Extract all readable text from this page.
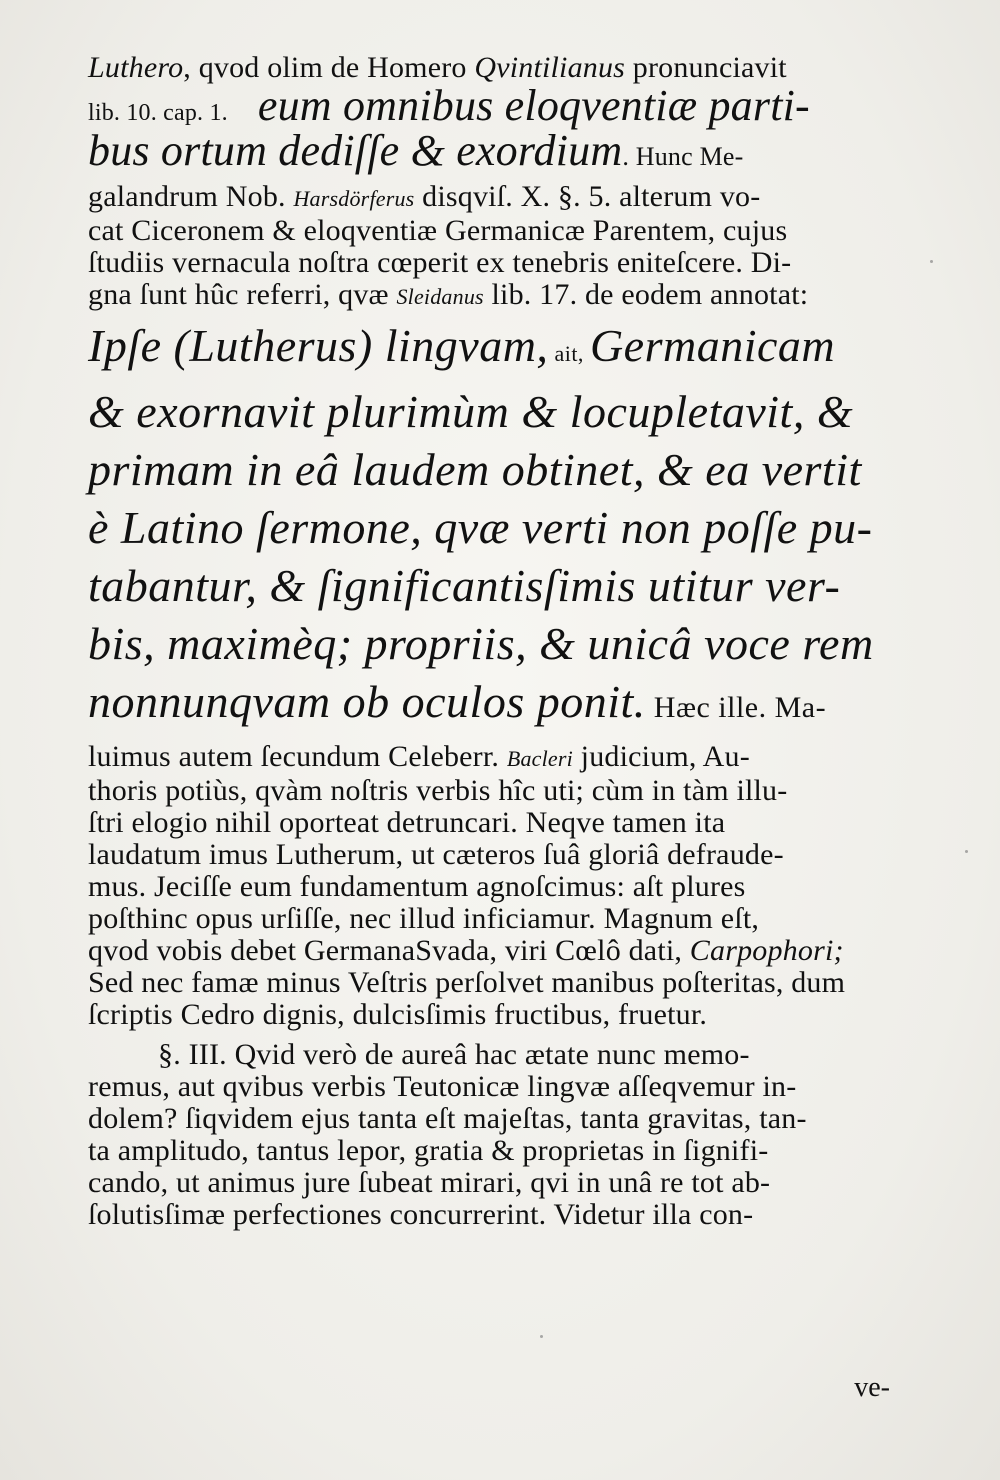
Luthero, qvod olim de Homero Qvintilianus pronunciavit
lib. 10. cap. 1. eum omnibus eloqventiæ parti-
bus ortum dediſſe & exordium. Hunc Me-
galandrum Nob. Harsdörferus disqviſ. X. §. 5. alterum vo-
cat Ciceronem & eloqventiæ Germanicæ Parentem, cujus
ſtudiis vernacula noſtra cœperit ex tenebris eniteſcere. Di-
gna ſunt hûc referri, qvæ Sleidanus lib. 17. de eodem annotat:
Ipſe (Lutherus) lingvam, ait, Germanicam
& exornavit plurimùm & locupletavit, &
primam in eâ laudem obtinet, & ea vertit
è Latino ſermone, qvæ verti non poſſe pu-
tabantur, & ſignificantisſimis utitur ver-
bis, maximèq; propriis, & unicâ voce rem
nonnunqvam ob oculos ponit. Hæc ille. Ma-
luimus autem ſecundum Celeberr. Bacleri judicium, Au-
thoris potiùs, qvàm noſtris verbis hîc uti; cùm in tàm illu-
ſtri elogio nihil oporteat detruncari. Neqve tamen ita
laudatum imus Lutherum, ut cæteros ſuâ gloriâ defraude-
mus. Jeciſſe eum fundamentum agnoſcimus: aſt plures
poſthinc opus urſiſſe, nec illud inficiamur. Magnum eſt,
qvod vobis debet GermanaSvada, viri Cœlô dati, Carpophori;
Sed nec famæ minus Veſtris perſolvet manibus poſteritas, dum
ſcriptis Cedro dignis, dulcisſimis fructibus, fruetur.
§. III. Qvid verò de aureâ hac ætate nunc memo-
remus, aut qvibus verbis Teutonicæ lingvæ aſſeqvemur in-
dolem? ſiqvidem ejus tanta eſt majeſtas, tanta gravitas, tan-
ta amplitudo, tantus lepor, gratia & proprietas in ſignifi-
cando, ut animus jure ſubeat mirari, qvi in unâ re tot ab-
ſolutisſimæ perfectiones concurrerint. Videtur illa con-
ve-
